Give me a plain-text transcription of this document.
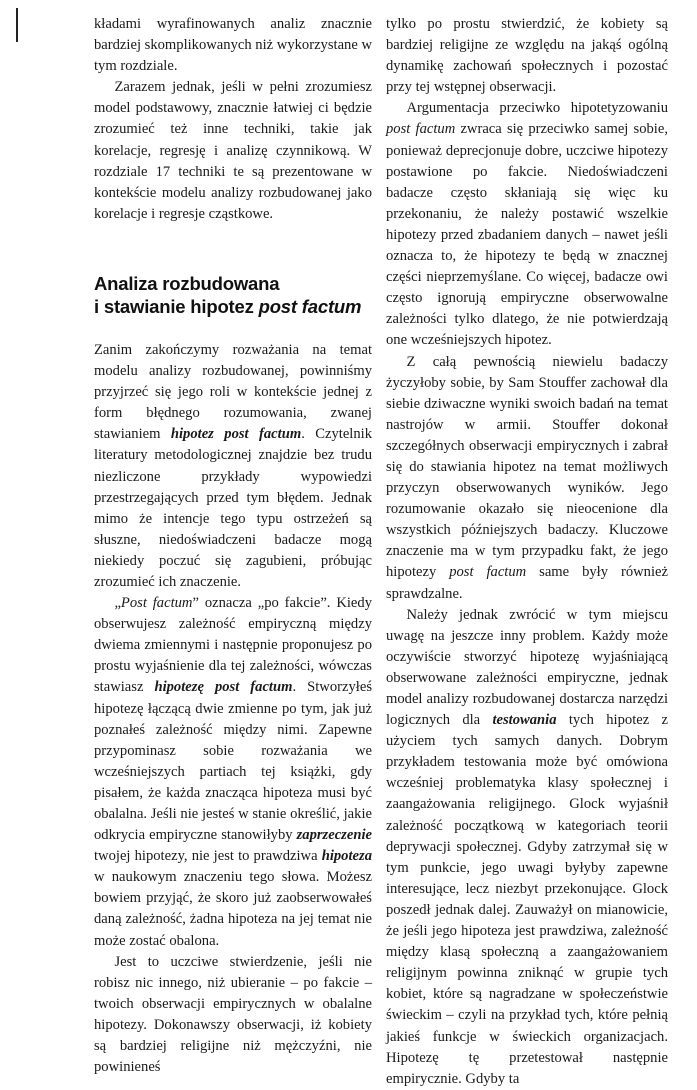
kładami wyrafinowanych analiz znacznie bardziej skomplikowanych niż wykorzystane w tym rozdziale.

Zarazem jednak, jeśli w pełni zrozumiesz model podstawowy, znacznie łatwiej ci będzie zrozumieć też inne techniki, takie jak korelacje, regresję i analizę czynnikową. W rozdziale 17 techniki te są prezentowane w kontekście modelu analizy rozbudowanej jako korelacje i regresje cząstkowe.

Analiza rozbudowana
i stawianie hipotez post factum

Zanim zakończymy rozważania na temat modelu analizy rozbudowanej, powinniśmy przyjrzeć się jego roli w kontekście jednej z form błędnego rozumowania, zwanej stawianiem hipotez post factum. Czytelnik literatury metodologicznej znajdzie bez trudu niezliczone przykłady wypowiedzi przestrzegających przed tym błędem. Jednak mimo że intencje tego typu ostrzeżeń są słuszne, niedoświadczeni badacze mogą niekiedy poczuć się zagubieni, próbując zrozumieć ich znaczenie.

„Post factum” oznacza „po fakcie”. Kiedy obserwujesz zależność empiryczną między dwiema zmiennymi i następnie proponujesz po prostu wyjaśnienie dla tej zależności, wówczas stawiasz hipotezę post factum. Stworzyłeś hipotezę łączącą dwie zmienne po tym, jak już poznałeś zależność między nimi. Zapewne przypominasz sobie rozważania we wcześniejszych partiach tej książki, gdy pisałem, że każda znacząca hipoteza musi być obalalna. Jeśli nie jesteś w stanie określić, jakie odkrycia empiryczne stanowiłyby zaprzeczenie twojej hipotezy, nie jest to prawdziwa hipoteza w naukowym znaczeniu tego słowa. Możesz bowiem przyjąć, że skoro już zaobserwowałeś daną zależność, żadna hipoteza na jej temat nie może zostać obalona.

Jest to uczciwe stwierdzenie, jeśli nie robisz nic innego, niż ubieranie – po fakcie – twoich obserwacji empirycznych w obalalne hipotezy. Dokonawszy obserwacji, iż kobiety są bardziej religijne niż mężczyźni, nie powinieneś

tylko po prostu stwierdzić, że kobiety są bardziej religijne ze względu na jakąś ogólną dynamikę zachowań społecznych i pozostać przy tej wstępnej obserwacji.

Argumentacja przeciwko hipotetyzowaniu post factum zwraca się przeciwko samej sobie, ponieważ deprecjonuje dobre, uczciwe hipotezy postawione po fakcie. Niedoświadczeni badacze często skłaniają się więc ku przekonaniu, że należy postawić wszelkie hipotezy przed zbadaniem danych – nawet jeśli oznacza to, że hipotezy te będą w znacznej części nieprzemyślane. Co więcej, badacze owi często ignorują empiryczne obserwowalne zależności tylko dlatego, że nie potwierdzają one wcześniejszych hipotez.

Z całą pewnością niewielu badaczy życzyłoby sobie, by Sam Stouffer zachował dla siebie dziwaczne wyniki swoich badań na temat nastrojów w armii. Stouffer dokonał szczegółnych obserwacji empirycznych i zabrał się do stawiania hipotez na temat możliwych przyczyn obserwowanych wyników. Jego rozumowanie okazało się nieocenione dla wszystkich późniejszych badaczy. Kluczowe znaczenie ma w tym przypadku fakt, że jego hipotezy post factum same były również sprawdzalne.

Należy jednak zwrócić w tym miejscu uwagę na jeszcze inny problem. Każdy może oczywiście stworzyć hipotezę wyjaśniającą obserwowane zależności empiryczne, jednak model analizy rozbudowanej dostarcza narzędzi logicznych dla testowania tych hipotez z użyciem tych samych danych. Dobrym przykładem testowania może być omówiona wcześniej problematyka klasy społecznej i zaangażowania religijnego. Glock wyjaśnił zależność początkową w kategoriach teorii deprywacji społecznej. Gdyby zatrzymał się w tym punkcie, jego uwagi byłyby zapewne interesujące, lecz niezbyt przekonujące. Glock poszedł jednak dalej. Zauważył on mianowicie, że jeśli jego hipoteza jest prawdziwa, zależność między klasą społeczną a zaangażowaniem religijnym powinna zniknąć w grupie tych kobiet, które są nagradzane w społeczeństwie świeckim – czyli na przykład tych, które pełnią jakieś funkcje w świeckich organizacjach. Hipotezę tę przetestował następnie empirycznie. Gdyby ta
